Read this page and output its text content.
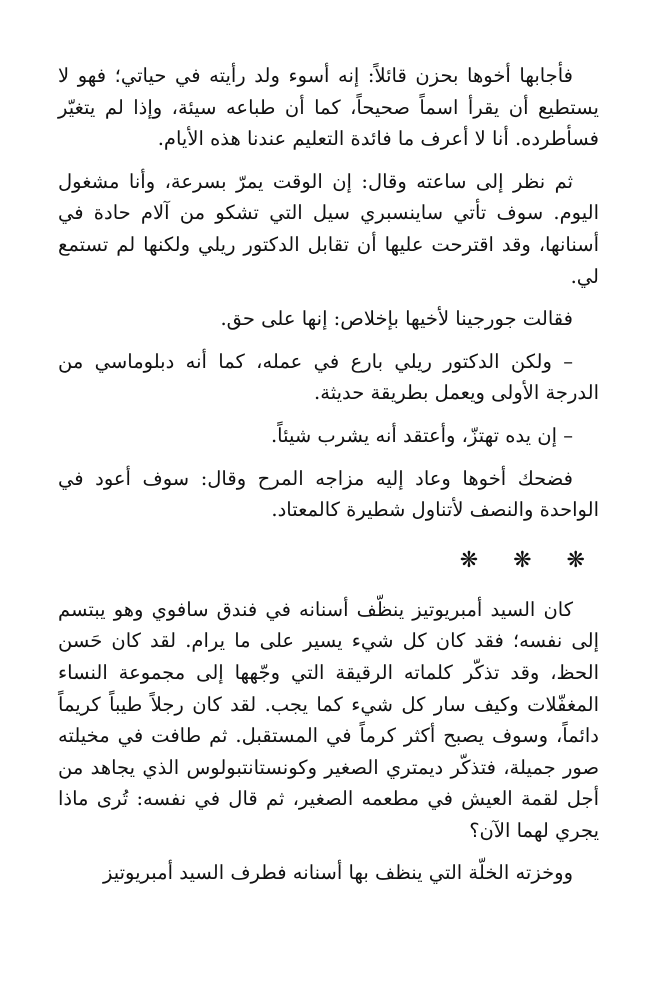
فأجابها أخوها بحزن قائلاً: إنه أسوء ولد رأيته في حياتي؛ فهو لا يستطيع أن يقرأ اسماً صحيحاً، كما أن طباعه سيئة، وإذا لم يتغيّر فسأطرده. أنا لا أعرف ما فائدة التعليم عندنا هذه الأيام.

ثم نظر إلى ساعته وقال: إن الوقت يمرّ بسرعة، وأنا مشغول اليوم. سوف تأتي ساينسبري سيل التي تشكو من آلام حادة في أسنانها، وقد اقترحت عليها أن تقابل الدكتور ريلي ولكنها لم تستمع لي.

فقالت جورجينا لأخيها بإخلاص: إنها على حق.

– ولكن الدكتور ريلي بارع في عمله، كما أنه دبلوماسي من الدرجة الأولى ويعمل بطريقة حديثة.

– إن يده تهتزّ، وأعتقد أنه يشرب شيئاً.

فضحك أخوها وعاد إليه مزاجه المرح وقال: سوف أعود في الواحدة والنصف لأتناول شطيرة كالمعتاد.

❋ ❋ ❋

كان السيد أمبريوتيز ينظّف أسنانه في فندق سافوي وهو يبتسم إلى نفسه؛ فقد كان كل شيء يسير على ما يرام. لقد كان حَسن الحظ، وقد تذكّر كلماته الرقيقة التي وجّهها إلى مجموعة النساء المغفّلات وكيف سار كل شيء كما يجب. لقد كان رجلاً طيباً كريماً دائماً، وسوف يصبح أكثر كرماً في المستقبل. ثم طافت في مخيلته صور جميلة، فتذكّر ديمتري الصغير وكونستانتبولوس الذي يجاهد من أجل لقمة العيش في مطعمه الصغير، ثم قال في نفسه: تُرى ماذا يجري لهما الآن؟

ووخزته الخلّة التي ينظف بها أسنانه فطرف السيد أمبريوتيز
